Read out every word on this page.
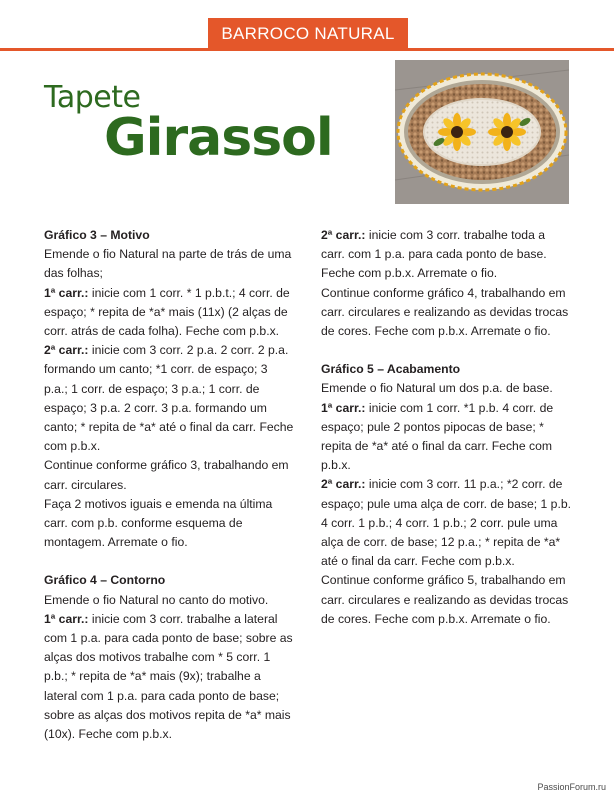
BARROCO NATURAL
Tapete
Girassol

Gráfico 3 – Motivo

Emende o fio Natural na parte de trás de uma das folhas;

1ª carr.: inicie com 1 corr. * 1 p.b.t.; 4 corr. de espaço; * repita de *a* mais (11x) (2 alças de corr. atrás de cada folha). Feche com p.b.x.

2ª carr.: inicie com 3 corr. 2 p.a. 2 corr. 2 p.a. formando um canto; *1 corr. de espaço; 3 p.a.; 1 corr. de espaço; 3 p.a.; 1 corr. de espaço; 3 p.a. 2 corr. 3 p.a. formando um canto; * repita de *a* até o final da carr. Feche com p.b.x.

Continue conforme gráfico 3, trabalhando em carr. circulares.

Faça 2 motivos iguais e emenda na última carr. com p.b. conforme esquema de montagem. Arremate o fio.

Gráfico 4 – Contorno

Emende o fio Natural no canto do motivo.

1ª carr.: inicie com 3 corr. trabalhe a lateral com 1 p.a. para cada ponto de base; sobre as alças dos motivos trabalhe com * 5 corr. 1 p.b.; * repita de *a* mais (9x); trabalhe a lateral com 1 p.a. para cada ponto de base; sobre as alças dos motivos repita de *a* mais (10x). Feche com p.b.x.

2ª carr.: inicie com 3 corr. trabalhe toda a carr. com 1 p.a. para cada ponto de base. Feche com p.b.x. Arremate o fio.

Continue conforme gráfico 4, trabalhando em carr. circulares e realizando as devidas trocas de cores. Feche com p.b.x. Arremate o fio.

Gráfico 5 – Acabamento

Emende o fio Natural um dos p.a. de base.

1ª carr.: inicie com 1 corr. *1 p.b. 4 corr. de espaço; pule 2 pontos pipocas de base; * repita de *a* até o final da carr. Feche com p.b.x.

2ª carr.: inicie com 3 corr. 11 p.a.; *2 corr. de espaço; pule uma alça de corr. de base; 1 p.b. 4 corr. 1 p.b.; 4 corr. 1 p.b.; 2 corr. pule uma alça de corr. de base; 12 p.a.; * repita de *a* até o final da carr. Feche com p.b.x.

Continue conforme gráfico 5, trabalhando em carr. circulares e realizando as devidas trocas de cores. Feche com p.b.x. Arremate o fio.

PassionForum.ru
